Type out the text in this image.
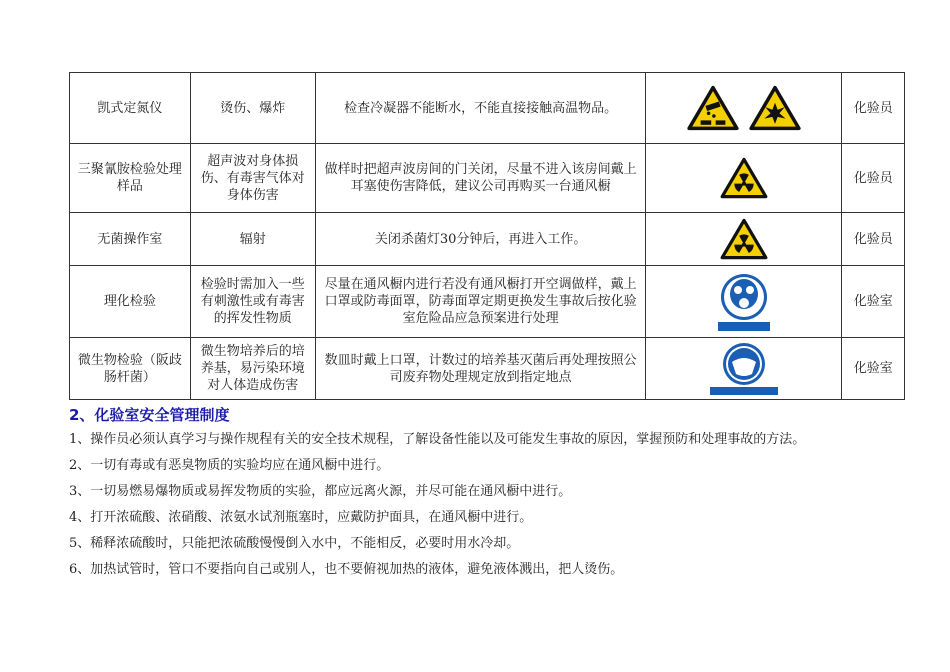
凯式定氮仪	烫伤、爆炸	检查冷凝器不能断水，不能直接接触高温物品。		化验员
三聚氰胺检验处理样品	超声波对身体损伤、有毒害气体对身体伤害	做样时把超声波房间的门关闭，尽量不进入该房间戴上耳塞使伤害降低，建议公司再购买一台通风橱		化验员
无菌操作室	辐射	关闭杀菌灯30分钟后，再进入工作。		化验员
理化检验	检验时需加入一些有刺激性或有毒害的挥发性物质	尽量在通风橱内进行若没有通风橱打开空调做样，戴上口罩或防毒面罩，防毒面罩定期更换发生事故后按化验室危险品应急预案进行处理		化验室
微生物检验（阪歧肠杆菌）	微生物培养后的培养基，易污染环境对人体造成伤害	数皿时戴上口罩，计数过的培养基灭菌后再处理按照公司废弃物处理规定放到指定地点		化验室
2、化验室安全管理制度

1、操作员必须认真学习与操作规程有关的安全技术规程，了解设备性能以及可能发生事故的原因，掌握预防和处理事故的方法。

2、一切有毒或有恶臭物质的实验均应在通风橱中进行。

3、一切易燃易爆物质或易挥发物质的实验，都应远离火源，并尽可能在通风橱中进行。

4、打开浓硫酸、浓硝酸、浓氨水试剂瓶塞时，应戴防护面具，在通风橱中进行。

5、稀释浓硫酸时，只能把浓硫酸慢慢倒入水中，不能相反，必要时用水冷却。

6、加热试管时，管口不要指向自己或别人，也不要俯视加热的液体，避免液体溅出，把人烫伤。
